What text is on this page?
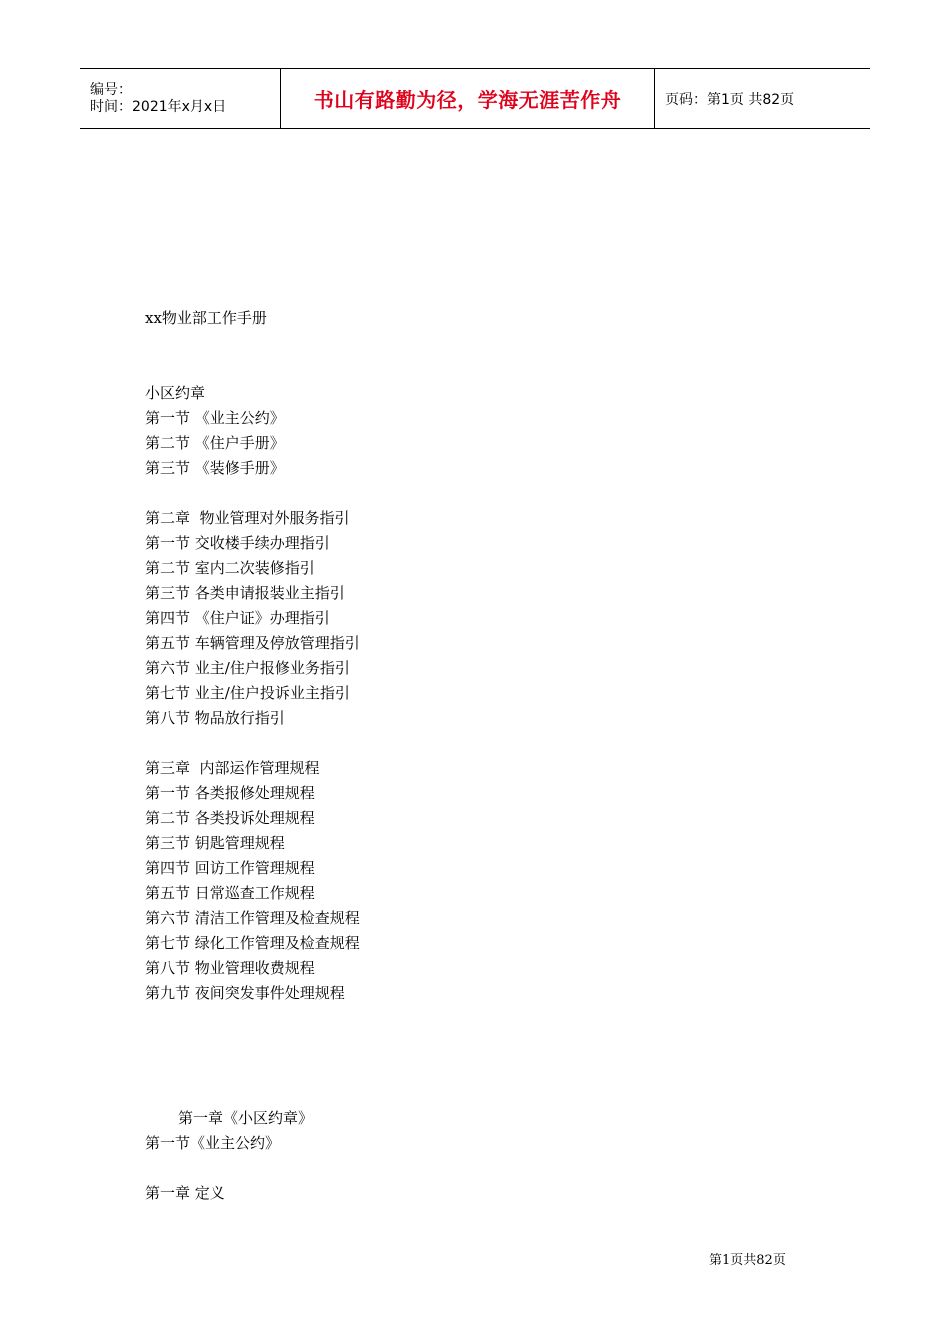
编号：
时间：2021年x月x日	书山有路勤为径，学海无涯苦作舟	页码：第1页 共82页
xx物业部工作手册
小区约章
第一节 《业主公约》
第二节 《住户手册》
第三节 《装修手册》
第二章  物业管理对外服务指引
第一节 交收楼手续办理指引
第二节 室内二次装修指引
第三节 各类申请报装业主指引
第四节 《住户证》办理指引
第五节 车辆管理及停放管理指引
第六节 业主/住户报修业务指引
第七节 业主/住户投诉业主指引
第八节 物品放行指引
第三章  内部运作管理规程
第一节 各类报修处理规程
第二节 各类投诉处理规程
第三节 钥匙管理规程
第四节 回访工作管理规程
第五节 日常巡查工作规程
第六节 清洁工作管理及检查规程
第七节 绿化工作管理及检查规程
第八节 物业管理收费规程
第九节 夜间突发事件处理规程
第一章《小区约章》
第一节《业主公约》
第一章 定义
第1页共82页
